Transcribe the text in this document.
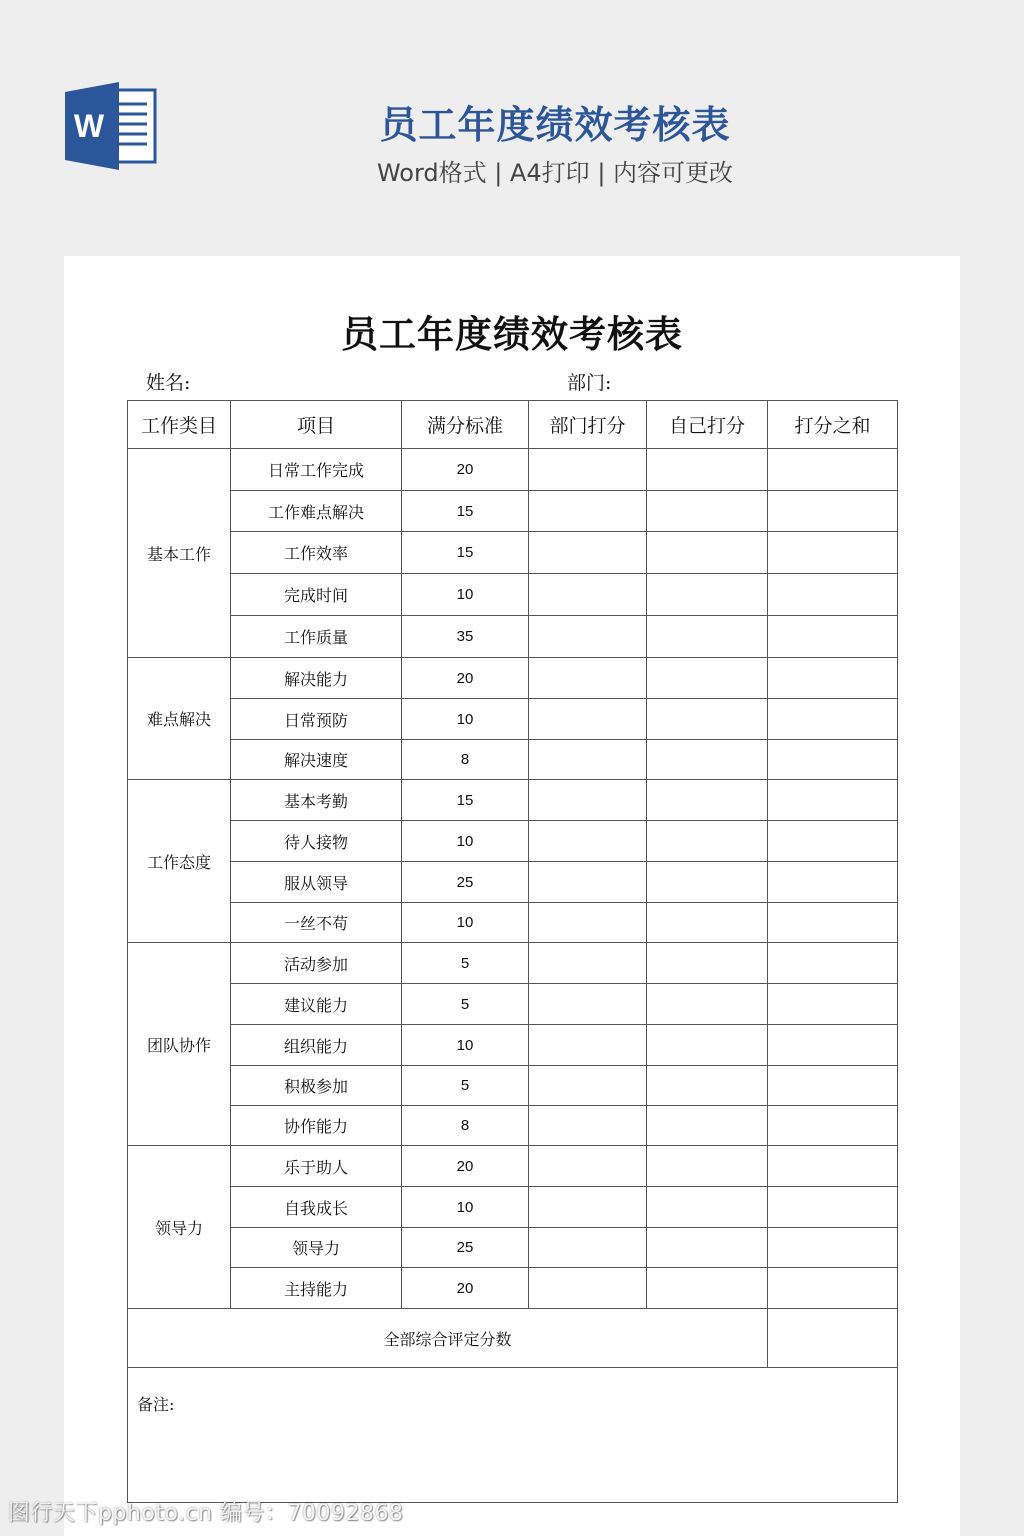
W	员工年度绩效考核表

Word格式 | A4打印 | 内容可更改

员工年度绩效考核表
姓名:	部门:
工作类目	项目	满分标准	部门打分	自己打分	打分之和
基本工作	日常工作完成	20			
	工作难点解决	15			
	工作效率	15			
	完成时间	10			
	工作质量	35			
难点解决	解决能力	20			
	日常预防	10			
	解决速度	8			
工作态度	基本考勤	15			
	待人接物	10			
	服从领导	25			
	一丝不苟	10			
团队协作	活动参加	5			
	建议能力	5			
	组织能力	10			
	积极参加	5			
	协作能力	8			
领导力	乐于助人	20			
	自我成长	10			
	领导力	25			
	主持能力	20			
全部综合评定分数					
备注:					
图行天下pphoto.cn 编号：70092868
